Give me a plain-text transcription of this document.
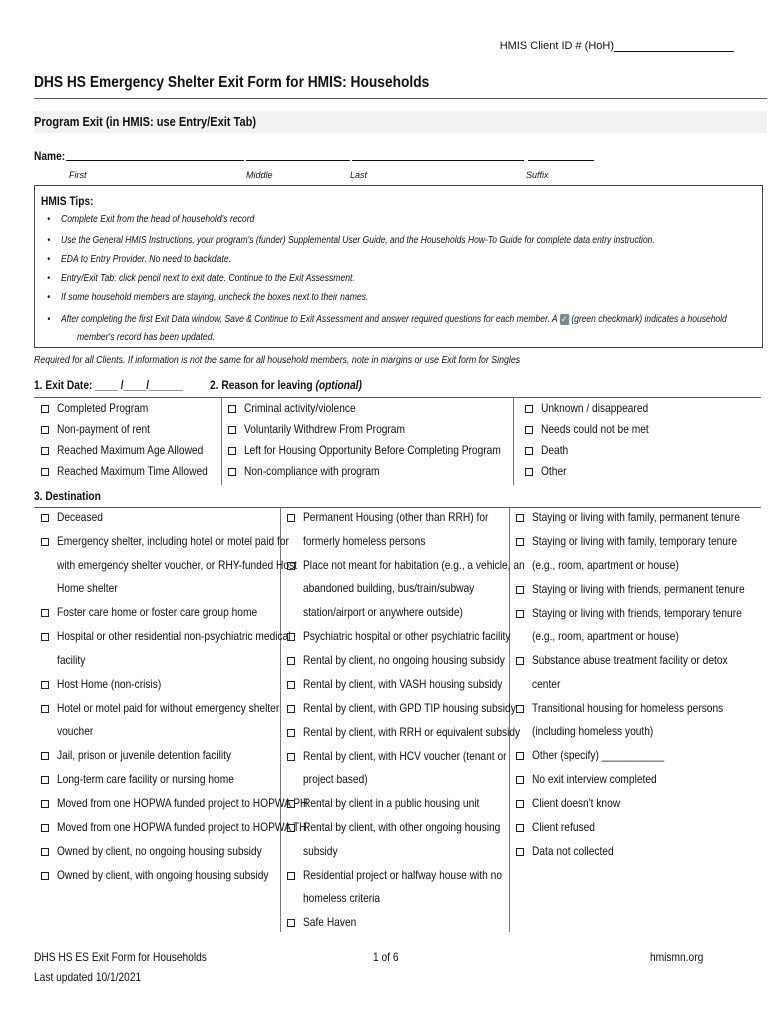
HMIS Client ID # (HoH)
DHS HS Emergency Shelter Exit Form for HMIS: Households
Program Exit (in HMIS: use Entry/Exit Tab)
Name:
First	Middle	Last	Suffix
HMIS Tips:
• Complete Exit from the head of household's record
• Use the General HMIS Instructions, your program's (funder) Supplemental User Guide, and the Households How-To Guide for complete data entry instruction.
• EDA to Entry Provider. No need to backdate.
• Entry/Exit Tab: click pencil next to exit date. Continue to the Exit Assessment.
• If some household members are staying, uncheck the boxes next to their names.
• After completing the first Exit Data window, Save & Continue to Exit Assessment and answer required questions for each member. A ✓ (green checkmark) indicates a household
member's record has been updated.
Required for all Clients. If information is not the same for all household members, note in margins or use Exit form for Singles
1. Exit Date: ____ /____/______ 2. Reason for leaving (optional)
Completed Program
Non-payment of rent
Reached Maximum Age Allowed
Reached Maximum Time Allowed
Criminal activity/violence
Voluntarily Withdrew From Program
Left for Housing Opportunity Before Completing Program
Non-compliance with program
Unknown / disappeared
Needs could not be met
Death
Other
3. Destination
Deceased
Emergency shelter, including hotel or motel paid for
with emergency shelter voucher, or RHY-funded Host
Home shelter
Foster care home or foster care group home
Hospital or other residential non-psychiatric medical
facility
Host Home (non-crisis)
Hotel or motel paid for without emergency shelter
voucher
Jail, prison or juvenile detention facility
Long-term care facility or nursing home
Moved from one HOPWA funded project to HOPWA PH
Moved from one HOPWA funded project to HOPWA TH
Owned by client, no ongoing housing subsidy
Owned by client, with ongoing housing subsidy
Permanent Housing (other than RRH) for
formerly homeless persons
Place not meant for habitation (e.g., a vehicle, an
abandoned building, bus/train/subway
station/airport or anywhere outside)
Psychiatric hospital or other psychiatric facility
Rental by client, no ongoing housing subsidy
Rental by client, with VASH housing subsidy
Rental by client, with GPD TIP housing subsidy
Rental by client, with RRH or equivalent subsidy
Rental by client, with HCV voucher (tenant or
project based)
Rental by client in a public housing unit
Rental by client, with other ongoing housing
subsidy
Residential project or halfway house with no
homeless criteria
Safe Haven
Staying or living with family, permanent tenure
Staying or living with family, temporary tenure
(e.g., room, apartment or house)
Staying or living with friends, permanent tenure
Staying or living with friends, temporary tenure
(e.g., room, apartment or house)
Substance abuse treatment facility or detox
center
Transitional housing for homeless persons
(including homeless youth)
Other (specify) ___________
No exit interview completed
Client doesn't know
Client refused
Data not collected
DHS HS ES Exit Form for Households
Last updated 10/1/2021
1 of 6	hmismn.org
